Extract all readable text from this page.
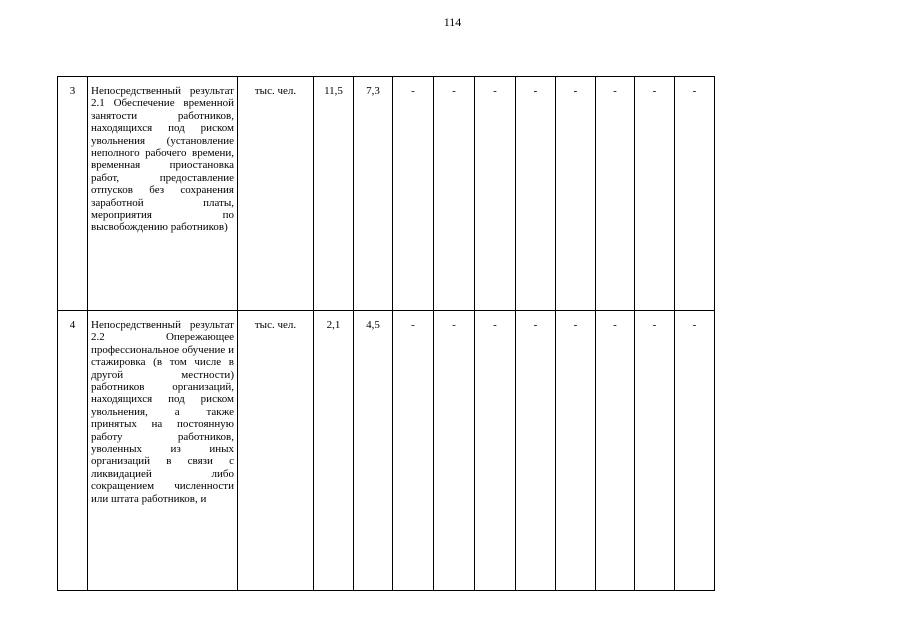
114
3	Непосредственный результат 2.1 Обеспечение временной занятости работников, находящихся под риском увольнения (установление неполного рабочего времени, временная приостановка работ, предоставление отпусков без сохранения заработной платы, мероприятия по высвобождению работников)	тыс. чел.	11,5	7,3	-	-	-	-	-	-	-	-
4	Непосредственный результат 2.2 Опережающее профессиональное обучение и стажировка (в том числе в другой местности) работников организаций, находящихся под риском увольнения, а также принятых на постоянную работу работников, уволенных из иных организаций в связи с ликвидацией либо сокращением численности или штата работников, и	тыс. чел.	2,1	4,5	-	-	-	-	-	-	-	-
